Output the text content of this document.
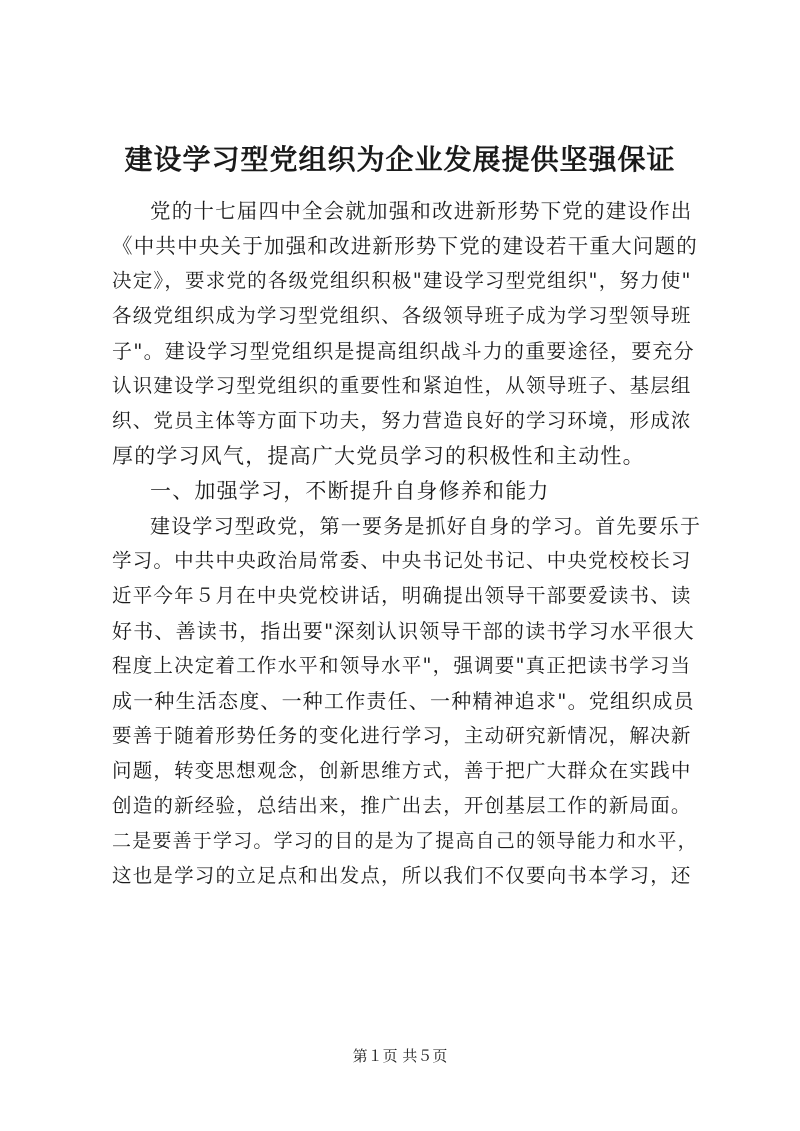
建设学习型党组织为企业发展提供坚强保证

党的十七届四中全会就加强和改进新形势下党的建设作出

《中共中央关于加强和改进新形势下党的建设若干重大问题的

决定》，要求党的各级党组织积极"建设学习型党组织"，努力使"

各级党组织成为学习型党组织、各级领导班子成为学习型领导班

子"。建设学习型党组织是提高组织战斗力的重要途径，要充分

认识建设学习型党组织的重要性和紧迫性，从领导班子、基层组

织、党员主体等方面下功夫，努力营造良好的学习环境，形成浓

厚的学习风气，提高广大党员学习的积极性和主动性。

一、加强学习，不断提升自身修养和能力

建设学习型政党，第一要务是抓好自身的学习。首先要乐于

学习。中共中央政治局常委、中央书记处书记、中央党校校长习

近平今年５月在中央党校讲话，明确提出领导干部要爱读书、读

好书、善读书，指出要"深刻认识领导干部的读书学习水平很大

程度上决定着工作水平和领导水平"，强调要"真正把读书学习当

成一种生活态度、一种工作责任、一种精神追求"。党组织成员

要善于随着形势任务的变化进行学习，主动研究新情况，解决新

问题，转变思想观念，创新思维方式，善于把广大群众在实践中

创造的新经验，总结出来，推广出去，开创基层工作的新局面。

二是要善于学习。学习的目的是为了提高自己的领导能力和水平，

这也是学习的立足点和出发点，所以我们不仅要向书本学习，还

第１页 共５页
